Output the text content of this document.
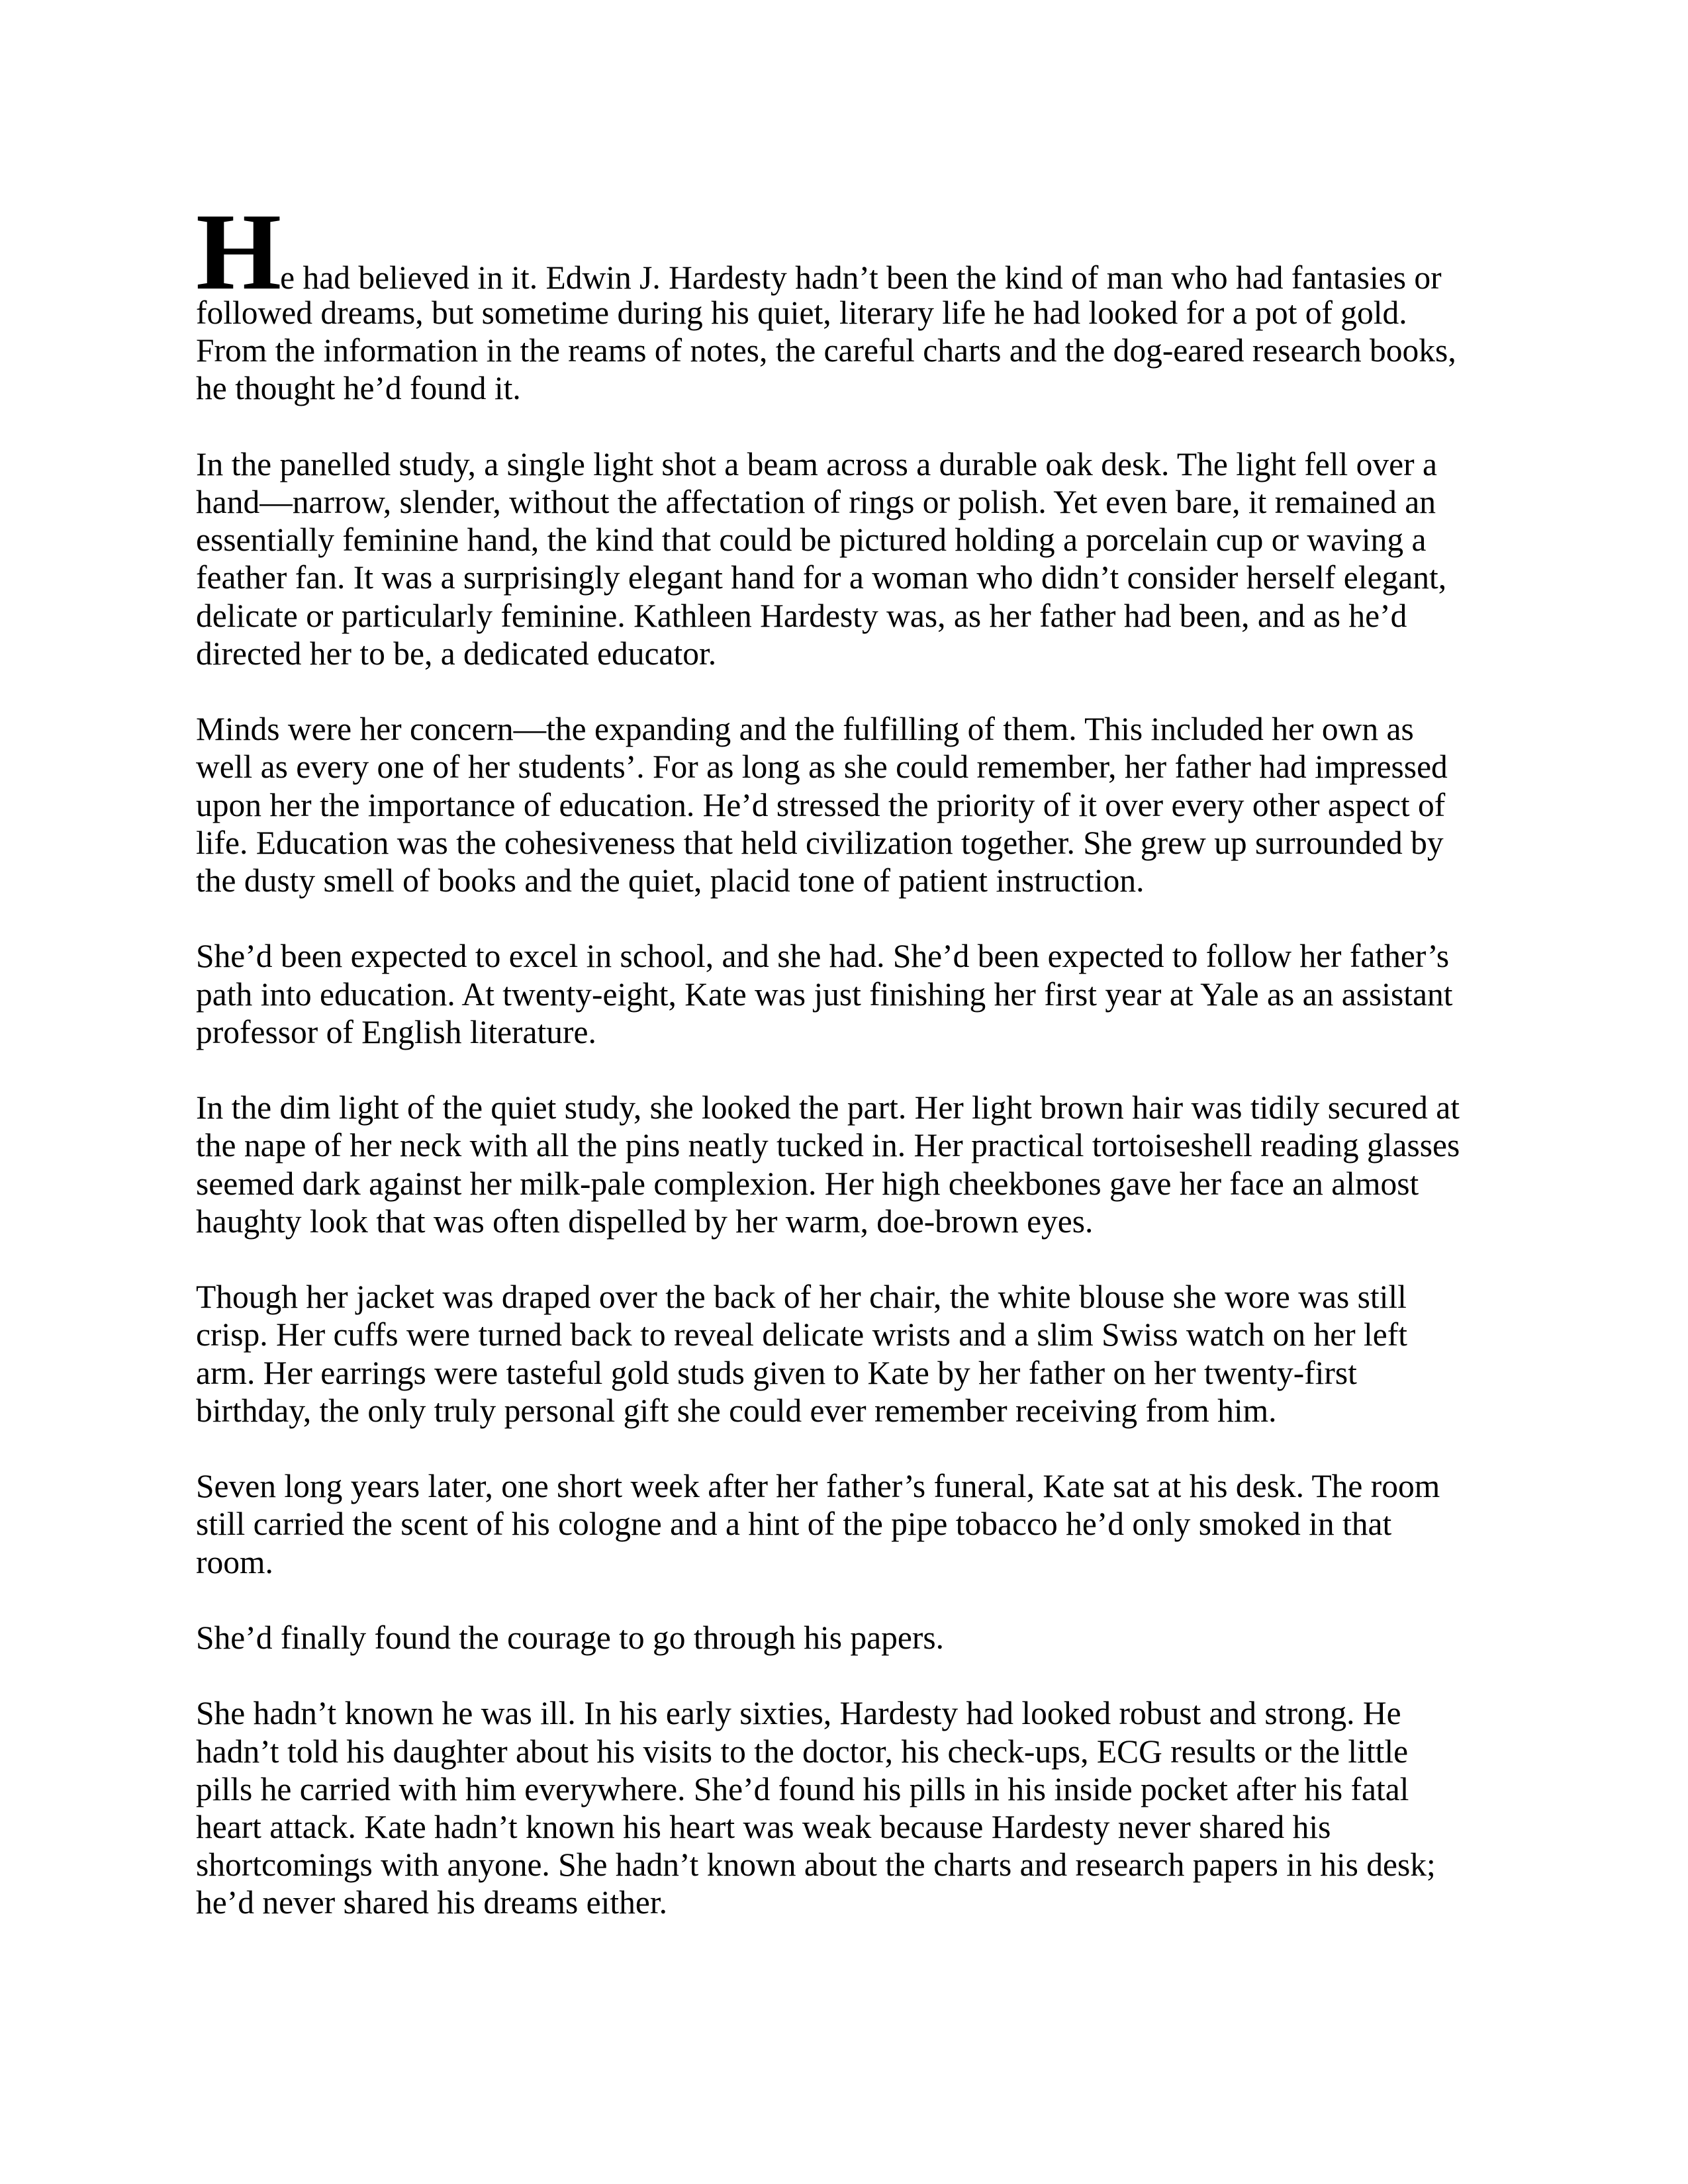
He had believed in it. Edwin J. Hardesty hadn’t been the kind of man who had fantasies or
followed dreams, but sometime during his quiet, literary life he had looked for a pot of gold. From the information in the reams of notes, the careful charts and the dog-eared research books, he thought he’d found it.

In the panelled study, a single light shot a beam across a durable oak desk. The light fell over a hand—narrow, slender, without the affectation of rings or polish. Yet even bare, it remained an essentially feminine hand, the kind that could be pictured holding a porcelain cup or waving a feather fan. It was a surprisingly elegant hand for a woman who didn’t consider herself elegant, delicate or particularly feminine. Kathleen Hardesty was, as her father had been, and as he’d directed her to be, a dedicated educator.

Minds were her concern—the expanding and the fulfilling of them. This included her own as well as every one of her students’. For as long as she could remember, her father had impressed upon her the importance of education. He’d stressed the priority of it over every other aspect of life. Education was the cohesiveness that held civilization together. She grew up surrounded by the dusty smell of books and the quiet, placid tone of patient instruction.

She’d been expected to excel in school, and she had. She’d been expected to follow her father’s path into education. At twenty-eight, Kate was just finishing her first year at Yale as an assistant professor of English literature.

In the dim light of the quiet study, she looked the part. Her light brown hair was tidily secured at the nape of her neck with all the pins neatly tucked in. Her practical tortoiseshell reading glasses seemed dark against her milk-pale complexion. Her high cheekbones gave her face an almost haughty look that was often dispelled by her warm, doe-brown eyes.

Though her jacket was draped over the back of her chair, the white blouse she wore was still crisp. Her cuffs were turned back to reveal delicate wrists and a slim Swiss watch on her left arm. Her earrings were tasteful gold studs given to Kate by her father on her twenty-first birthday, the only truly personal gift she could ever remember receiving from him.

Seven long years later, one short week after her father’s funeral, Kate sat at his desk. The room still carried the scent of his cologne and a hint of the pipe tobacco he’d only smoked in that room.

She’d finally found the courage to go through his papers.

She hadn’t known he was ill. In his early sixties, Hardesty had looked robust and strong. He hadn’t told his daughter about his visits to the doctor, his check-ups, ECG results or the little pills he carried with him everywhere. She’d found his pills in his inside pocket after his fatal heart attack. Kate hadn’t known his heart was weak because Hardesty never shared his shortcomings with anyone. She hadn’t known about the charts and research papers in his desk; he’d never shared his dreams either.
